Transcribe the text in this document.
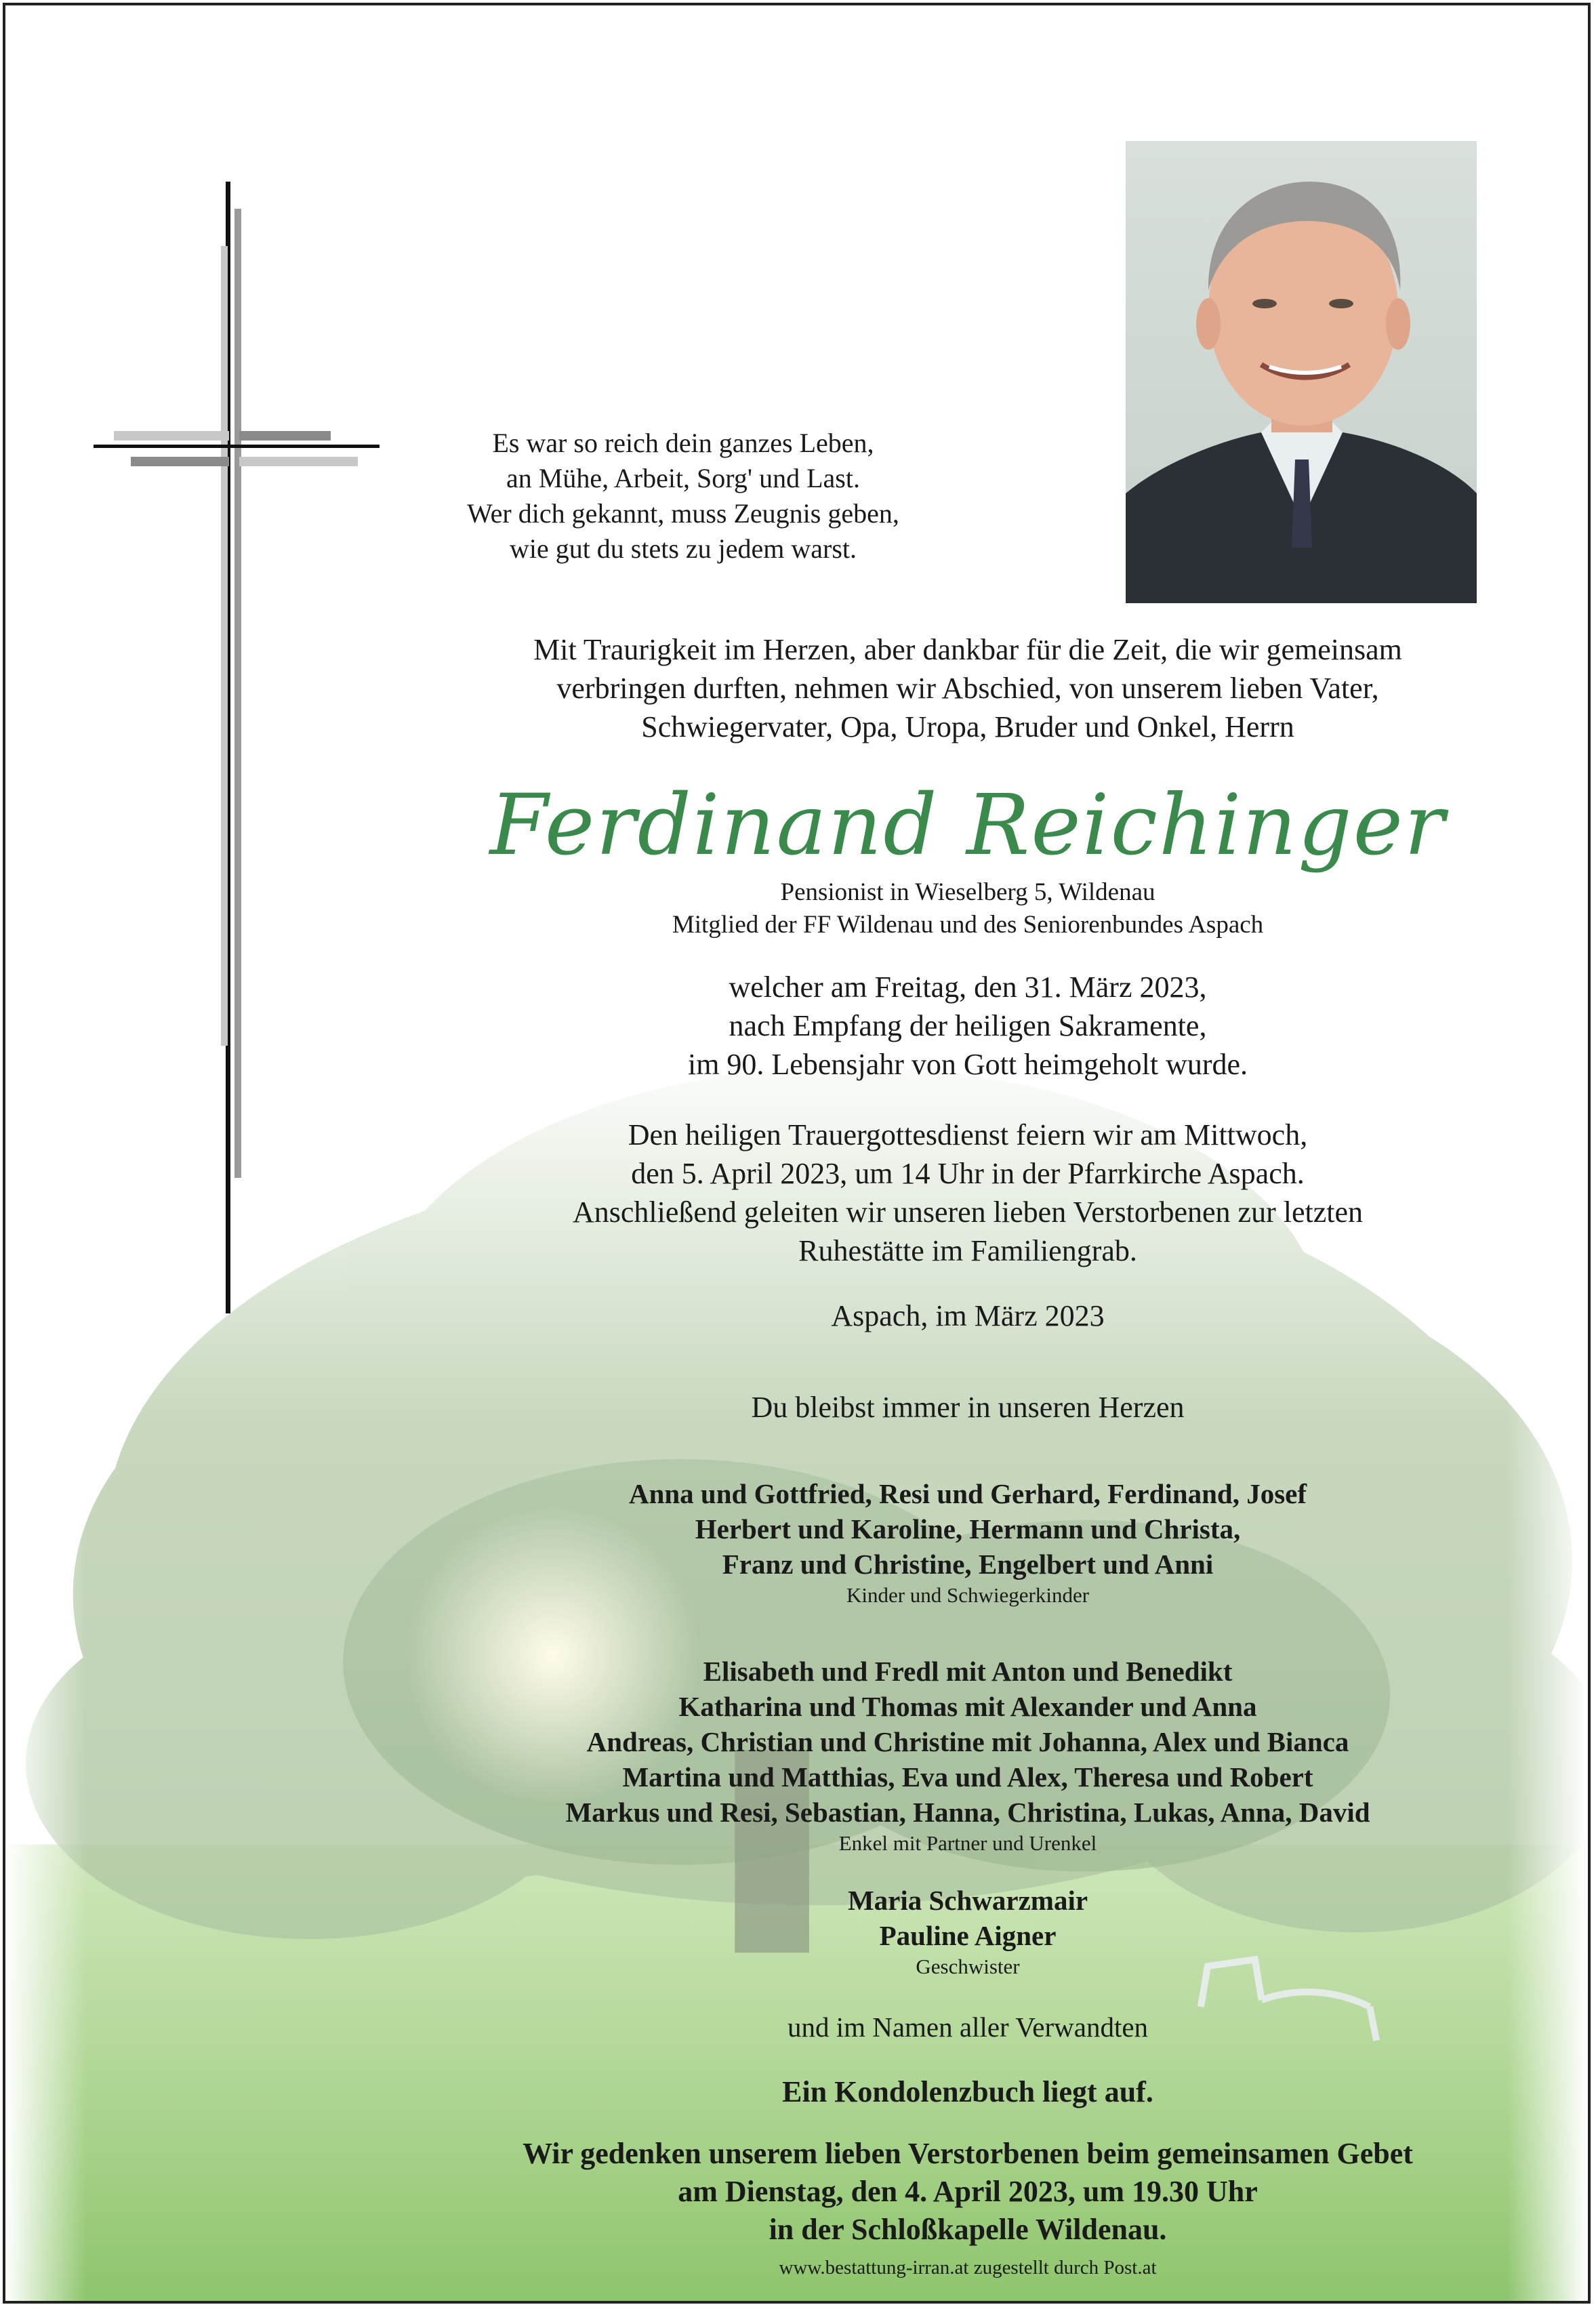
Es war so reich dein ganzes Leben,
an Mühe, Arbeit, Sorg' und Last.
Wer dich gekannt, muss Zeugnis geben,
wie gut du stets zu jedem warst.
Mit Traurigkeit im Herzen, aber dankbar für die Zeit, die wir gemeinsam
verbringen durften, nehmen wir Abschied, von unserem lieben Vater,
Schwiegervater, Opa, Uropa, Bruder und Onkel, Herrn
Ferdinand Reichinger
Pensionist in Wieselberg 5, Wildenau
Mitglied der FF Wildenau und des Seniorenbundes Aspach
welcher am Freitag, den 31. März 2023,
nach Empfang der heiligen Sakramente,
im 90. Lebensjahr von Gott heimgeholt wurde.
Den heiligen Trauergottesdienst feiern wir am Mittwoch,
den 5. April 2023, um 14 Uhr in der Pfarrkirche Aspach.
Anschließend geleiten wir unseren lieben Verstorbenen zur letzten
Ruhestätte im Familiengrab.
Aspach, im März 2023
Du bleibst immer in unseren Herzen
Anna und Gottfried, Resi und Gerhard, Ferdinand, Josef
Herbert und Karoline, Hermann und Christa,
Franz und Christine, Engelbert und Anni
Kinder und Schwiegerkinder
Elisabeth und Fredl mit Anton und Benedikt
Katharina und Thomas mit Alexander und Anna
Andreas, Christian und Christine mit Johanna, Alex und Bianca
Martina und Matthias, Eva und Alex, Theresa und Robert
Markus und Resi, Sebastian, Hanna, Christina, Lukas, Anna, David
Enkel mit Partner und Urenkel
Maria Schwarzmair
Pauline Aigner
Geschwister
und im Namen aller Verwandten
Ein Kondolenzbuch liegt auf.
Wir gedenken unserem lieben Verstorbenen beim gemeinsamen Gebet
am Dienstag, den 4. April 2023, um 19.30 Uhr
in der Schloßkapelle Wildenau.
www.bestattung-irran.at zugestellt durch Post.at
